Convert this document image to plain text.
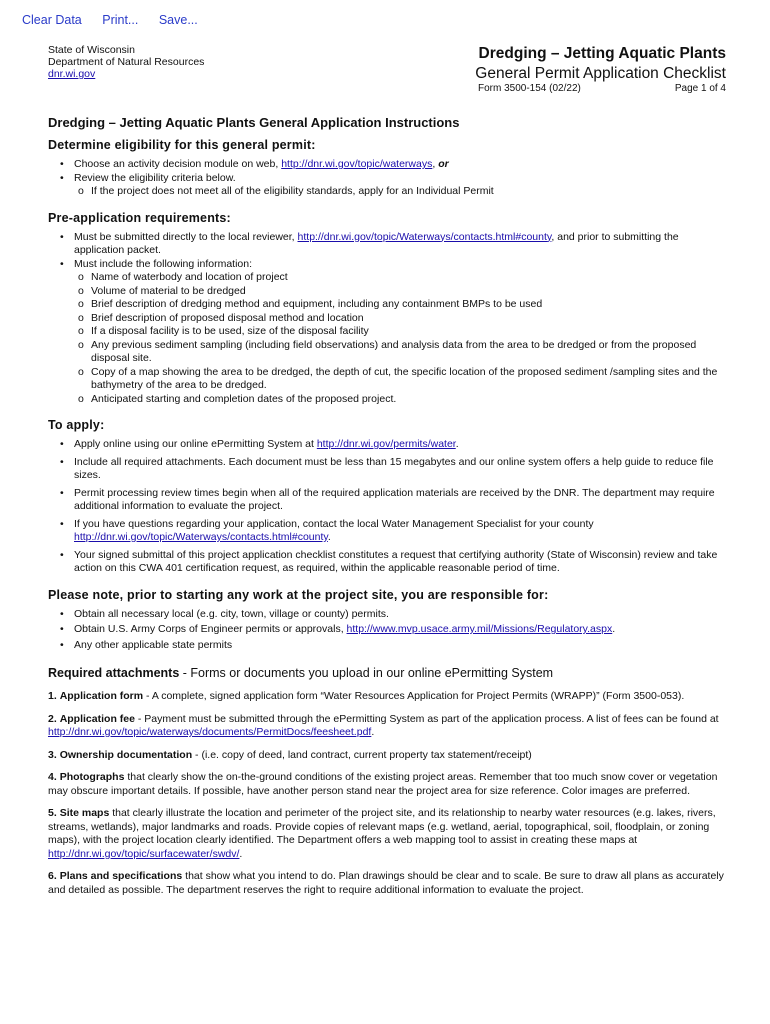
Clear Data Print... Save...
State of Wisconsin
Department of Natural Resources
dnr.wi.gov
Dredging – Jetting Aquatic Plants
General Permit Application Checklist
Form 3500-154 (02/22)	Page 1 of 4
Dredging – Jetting Aquatic Plants General Application Instructions
Determine eligibility for this general permit:
• Choose an activity decision module on web, http://dnr.wi.gov/topic/waterways, or
• Review the eligibility criteria below.
o If the project does not meet all of the eligibility standards, apply for an Individual Permit
Pre-application requirements:
• Must be submitted directly to the local reviewer, http://dnr.wi.gov/topic/Waterways/contacts.html#county, and prior to submitting the application packet.
• Must include the following information:
o Name of waterbody and location of project
o Volume of material to be dredged
o Brief description of dredging method and equipment, including any containment BMPs to be used
o Brief description of proposed disposal method and location
o If a disposal facility is to be used, size of the disposal facility
o Any previous sediment sampling (including field observations) and analysis data from the area to be dredged or from the proposed disposal site.
o Copy of a map showing the area to be dredged, the depth of cut, the specific location of the proposed sediment /sampling sites and the bathymetry of the area to be dredged.
o Anticipated starting and completion dates of the proposed project.
To apply:
• Apply online using our online ePermitting System at http://dnr.wi.gov/permits/water.
• Include all required attachments. Each document must be less than 15 megabytes and our online system offers a help guide to reduce file sizes.
• Permit processing review times begin when all of the required application materials are received by the DNR. The department may require additional information to evaluate the project.
• If you have questions regarding your application, contact the local Water Management Specialist for your county http://dnr.wi.gov/topic/Waterways/contacts.html#county.
• Your signed submittal of this project application checklist constitutes a request that certifying authority (State of Wisconsin) review and take action on this CWA 401 certification request, as required, within the applicable reasonable period of time.
Please note, prior to starting any work at the project site, you are responsible for:
• Obtain all necessary local (e.g. city, town, village or county) permits.
• Obtain U.S. Army Corps of Engineer permits or approvals, http://www.mvp.usace.army.mil/Missions/Regulatory.aspx.
• Any other applicable state permits
Required attachments - Forms or documents you upload in our online ePermitting System
1. Application form - A complete, signed application form “Water Resources Application for Project Permits (WRAPP)” (Form 3500-053).
2. Application fee - Payment must be submitted through the ePermitting System as part of the application process. A list of fees can be found at http://dnr.wi.gov/topic/waterways/documents/PermitDocs/feesheet.pdf.
3. Ownership documentation - (i.e. copy of deed, land contract, current property tax statement/receipt)
4. Photographs that clearly show the on-the-ground conditions of the existing project areas. Remember that too much snow cover or vegetation may obscure important details. If possible, have another person stand near the project area for size reference. Color images are preferred.
5. Site maps that clearly illustrate the location and perimeter of the project site, and its relationship to nearby water resources (e.g. lakes, rivers, streams, wetlands), major landmarks and roads. Provide copies of relevant maps (e.g. wetland, aerial, topographical, soil, floodplain, or zoning maps), with the project location clearly identified. The Department offers a web mapping tool to assist in creating these maps at http://dnr.wi.gov/topic/surfacewater/swdv/.
6. Plans and specifications that show what you intend to do. Plan drawings should be clear and to scale. Be sure to draw all plans as accurately and detailed as possible. The department reserves the right to require additional information to evaluate the project.
